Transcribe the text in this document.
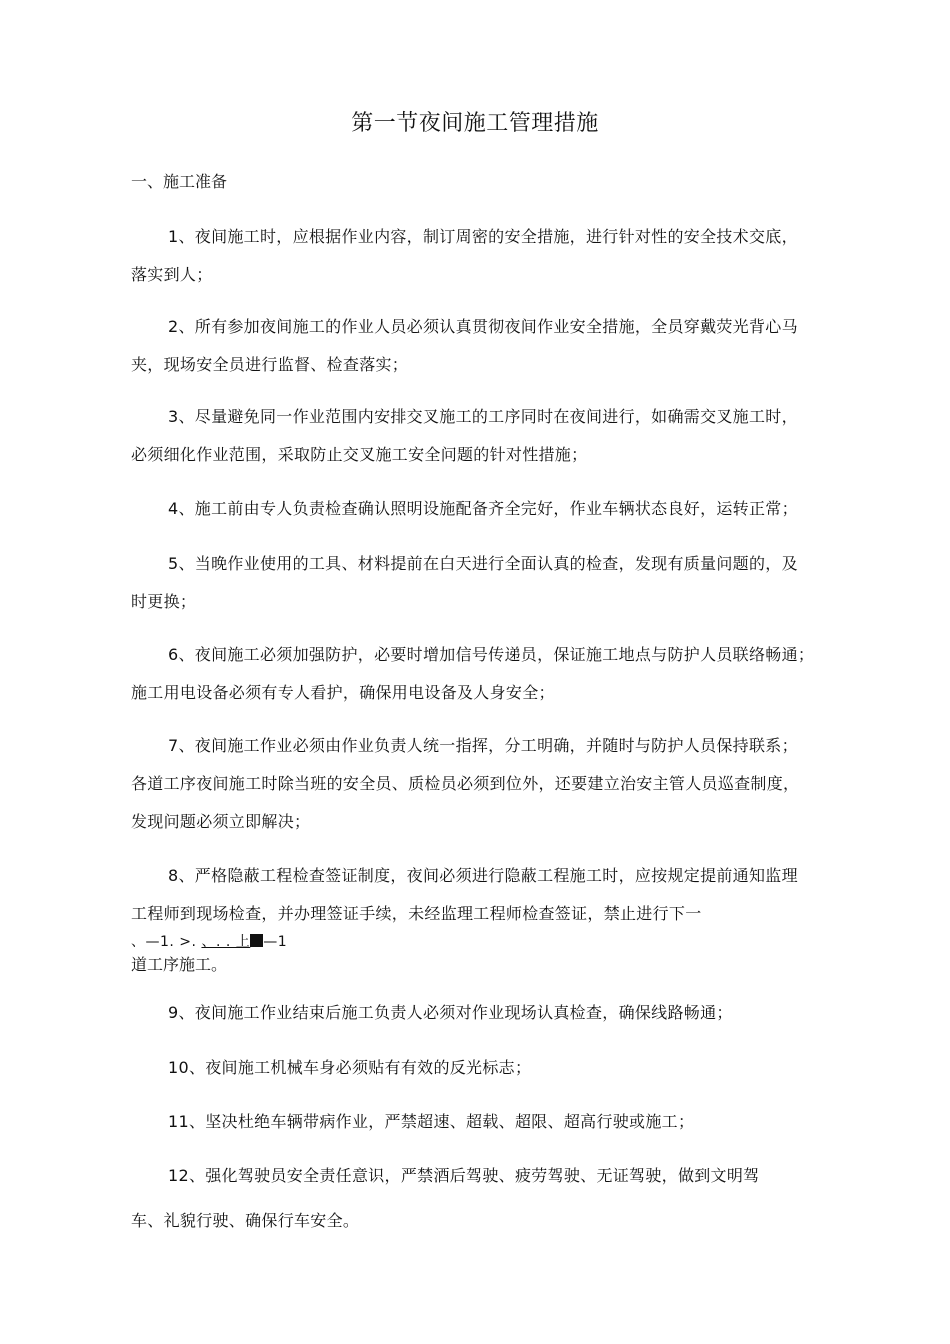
第一节夜间施工管理措施
一、施工准备

1、夜间施工时，应根据作业内容，制订周密的安全措施，进行针对性的安全技术交底，
落实到人；

2、所有参加夜间施工的作业人员必须认真贯彻夜间作业安全措施，全员穿戴荧光背心马
夹，现场安全员进行监督、检查落实；

3、尽量避免同一作业范围内安排交叉施工的工序同时在夜间进行，如确需交叉施工时，
必须细化作业范围，采取防止交叉施工安全问题的针对性措施；

4、施工前由专人负责检查确认照明设施配备齐全完好，作业车辆状态良好，运转正常；

5、当晚作业使用的工具、材料提前在白天进行全面认真的检查，发现有质量问题的，及
时更换；

6、夜间施工必须加强防护，必要时增加信号传递员，保证施工地点与防护人员联络畅通；
施工用电设备必须有专人看护，确保用电设备及人身安全；

7、夜间施工作业必须由作业负责人统一指挥，分工明确，并随时与防护人员保持联系；
各道工序夜间施工时除当班的安全员、质检员必须到位外，还要建立治安主管人员巡查制度，
发现问题必须立即解决；

8、严格隐蔽工程检查签证制度，夜间必须进行隐蔽工程施工时，应按规定提前通知监理
工程师到现场检查，并办理签证手续，未经监理工程师检查签证，禁止进行下一

、—1. >. 、. . 上 —1
道工序施工。

9、夜间施工作业结束后施工负责人必须对作业现场认真检查，确保线路畅通；

10、夜间施工机械车身必须贴有有效的反光标志；

11、坚决杜绝车辆带病作业，严禁超速、超载、超限、超高行驶或施工；

12、强化驾驶员安全责任意识，严禁酒后驾驶、疲劳驾驶、无证驾驶，做到文明驾

车、礼貌行驶、确保行车安全。
